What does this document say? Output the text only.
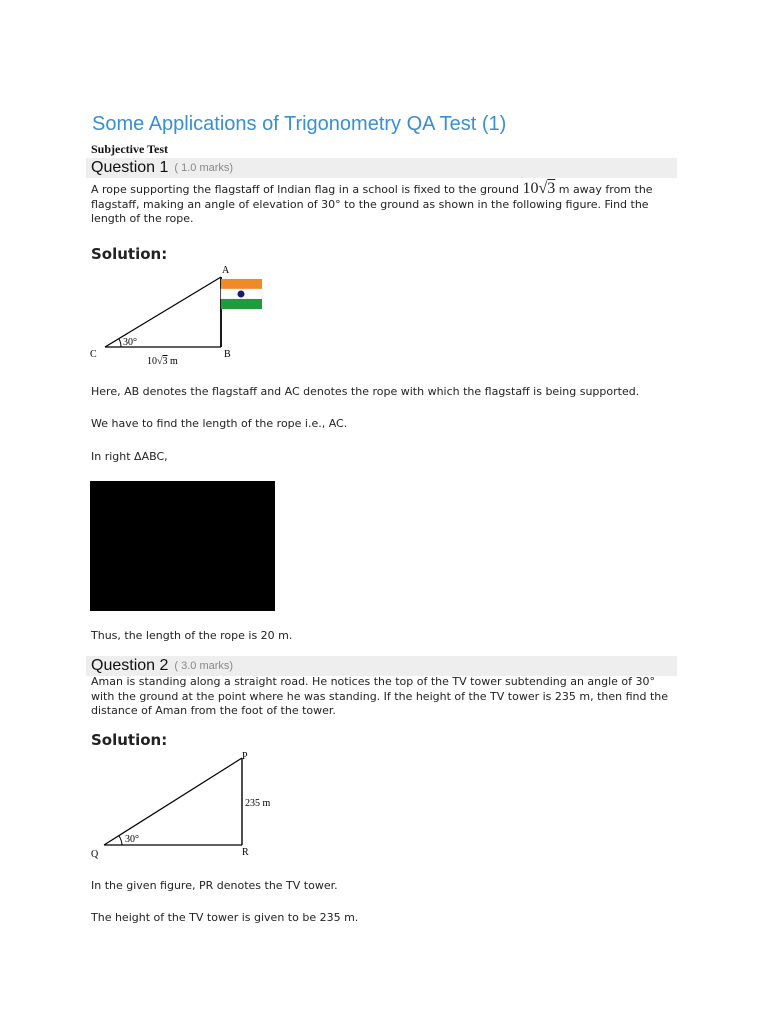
Some Applications of Trigonometry QA Test (1)
Subjective Test
Question 1 ( 1.0 marks)
A rope supporting the flagstaff of Indian flag in a school is fixed to the ground 10√3 m away from the flagstaff, making an angle of elevation of 30° to the ground as shown in the following figure. Find the length of the rope.
Solution:
A
C	B
30°
10√3 m
Here, AB denotes the flagstaff and AC denotes the rope with which the flagstaff is being supported.
We have to find the length of the rope i.e., AC.
In right ΔABC,
Thus, the length of the rope is 20 m.
Question 2 ( 3.0 marks)
Aman is standing along a straight road. He notices the top of the TV tower subtending an angle of 30° with the ground at the point where he was standing. If the height of the TV tower is 235 m, then find the distance of Aman from the foot of the tower.
Solution:
P
Q	R
30°
235 m
In the given figure, PR denotes the TV tower.
The height of the TV tower is given to be 235 m.
